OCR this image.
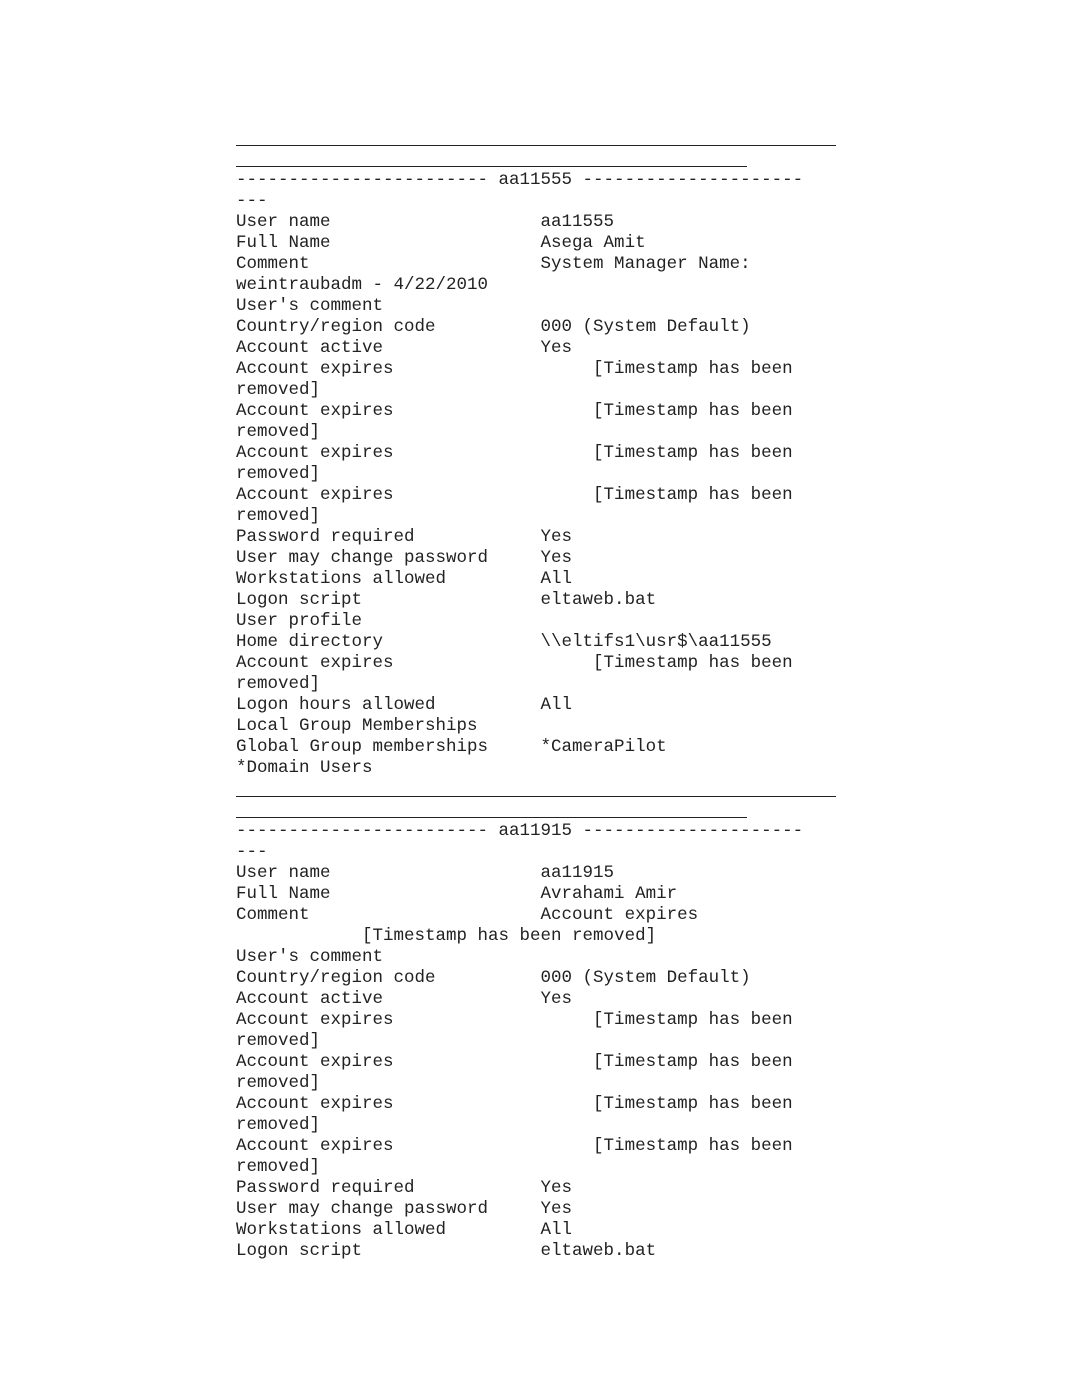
------------------------ aa11555 ---------------------
---
User name                    aa11555
Full Name                    Asega Amit
Comment                      System Manager Name:
weintraubadm - 4/22/2010
User's comment
Country/region code          000 (System Default)
Account active               Yes
Account expires                   [Timestamp has been
removed]
Account expires                   [Timestamp has been
removed]
Account expires                   [Timestamp has been
removed]
Account expires                   [Timestamp has been
removed]
Password required            Yes
User may change password     Yes
Workstations allowed         All
Logon script                 eltaweb.bat
User profile
Home directory               \\eltifs1\usr$\aa11555
Account expires                   [Timestamp has been
removed]
Logon hours allowed          All
Local Group Memberships
Global Group memberships     *CameraPilot
*Domain Users
------------------------ aa11915 ---------------------
---
User name                    aa11915
Full Name                    Avrahami Amir
Comment                      Account expires
[Timestamp has been removed]
User's comment
Country/region code          000 (System Default)
Account active               Yes
Account expires                   [Timestamp has been
removed]
Account expires                   [Timestamp has been
removed]
Account expires                   [Timestamp has been
removed]
Account expires                   [Timestamp has been
removed]
Password required            Yes
User may change password     Yes
Workstations allowed         All
Logon script                 eltaweb.bat
